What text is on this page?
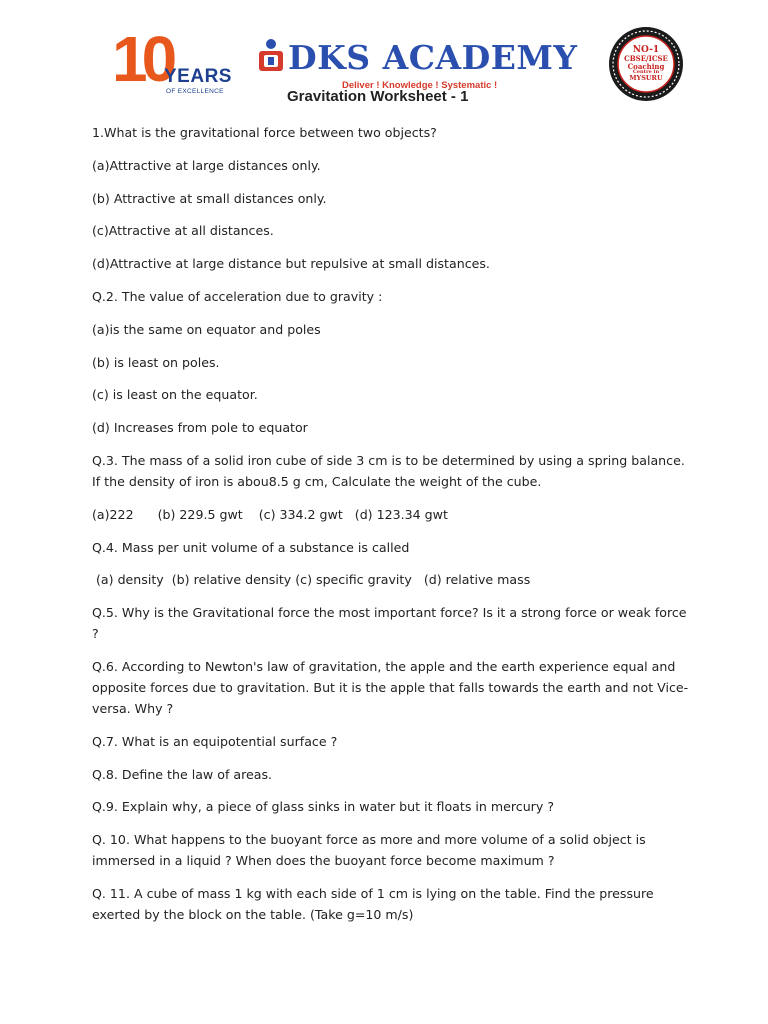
10
YEARS
OF EXCELLENCE
DKS ACADEMY
Deliver ! Knowledge ! Systematic !
NO-1
CBSE/ICSE
Coaching
Centre in
MYSURU
Gravitation Worksheet - 1

1.What is the gravitational force between two objects?

(a)Attractive at large distances only.

(b) Attractive at small distances only.

(c)Attractive at all distances.

(d)Attractive at large distance but repulsive at small distances.

Q.2. The value of acceleration due to gravity :

(a)is the same on equator and poles

(b) is least on poles.

(c) is least on the equator.

(d) Increases from pole to equator

Q.3. The mass of a solid iron cube of side 3 cm is to be determined by using a spring balance. If the density of iron is abou8.5 g cm, Calculate the weight of the cube.

(a)222      (b) 229.5 gwt    (c) 334.2 gwt   (d) 123.34 gwt

Q.4. Mass per unit volume of a substance is called

(a) density  (b) relative density (c) specific gravity   (d) relative mass

Q.5. Why is the Gravitational force the most important force? Is it a strong force or weak force ?

Q.6. According to Newton's law of gravitation, the apple and the earth experience equal and opposite forces due to gravitation. But it is the apple that falls towards the earth and not Vice-versa. Why ?

Q.7. What is an equipotential surface ?

Q.8. Define the law of areas.

Q.9. Explain why, a piece of glass sinks in water but it floats in mercury ?

Q. 10. What happens to the buoyant force as more and more volume of a solid object is immersed in a liquid ? When does the buoyant force become maximum ?

Q. 11. A cube of mass 1 kg with each side of 1 cm is lying on the table. Find the pressure exerted by the block on the table. (Take g=10 m/s)
